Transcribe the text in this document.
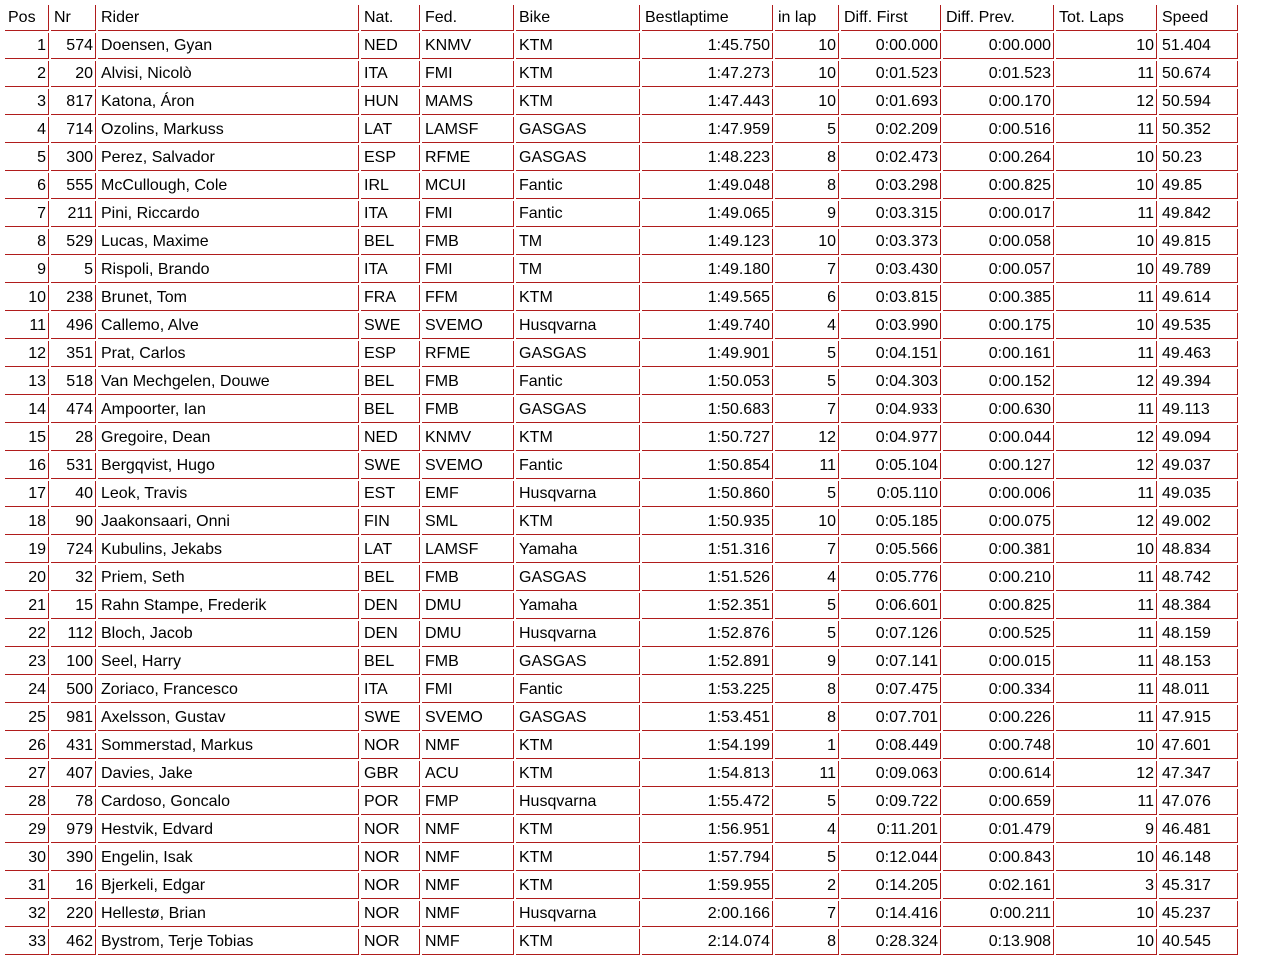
Pos	Nr	Rider	Nat.	Fed.	Bike	Bestlaptime	in lap	Diff. First	Diff. Prev.	Tot. Laps	Speed
1	574	Doensen, Gyan	NED	KNMV	KTM	1:45.750	10	0:00.000	0:00.000	10	51.404
2	20	Alvisi, Nicolò	ITA	FMI	KTM	1:47.273	10	0:01.523	0:01.523	11	50.674
3	817	Katona, Áron	HUN	MAMS	KTM	1:47.443	10	0:01.693	0:00.170	12	50.594
4	714	Ozolins, Markuss	LAT	LAMSF	GASGAS	1:47.959	5	0:02.209	0:00.516	11	50.352
5	300	Perez, Salvador	ESP	RFME	GASGAS	1:48.223	8	0:02.473	0:00.264	10	50.23
6	555	McCullough, Cole	IRL	MCUI	Fantic	1:49.048	8	0:03.298	0:00.825	10	49.85
7	211	Pini, Riccardo	ITA	FMI	Fantic	1:49.065	9	0:03.315	0:00.017	11	49.842
8	529	Lucas, Maxime	BEL	FMB	TM	1:49.123	10	0:03.373	0:00.058	10	49.815
9	5	Rispoli, Brando	ITA	FMI	TM	1:49.180	7	0:03.430	0:00.057	10	49.789
10	238	Brunet, Tom	FRA	FFM	KTM	1:49.565	6	0:03.815	0:00.385	11	49.614
11	496	Callemo, Alve	SWE	SVEMO	Husqvarna	1:49.740	4	0:03.990	0:00.175	10	49.535
12	351	Prat, Carlos	ESP	RFME	GASGAS	1:49.901	5	0:04.151	0:00.161	11	49.463
13	518	Van Mechgelen, Douwe	BEL	FMB	Fantic	1:50.053	5	0:04.303	0:00.152	12	49.394
14	474	Ampoorter, Ian	BEL	FMB	GASGAS	1:50.683	7	0:04.933	0:00.630	11	49.113
15	28	Gregoire, Dean	NED	KNMV	KTM	1:50.727	12	0:04.977	0:00.044	12	49.094
16	531	Bergqvist, Hugo	SWE	SVEMO	Fantic	1:50.854	11	0:05.104	0:00.127	12	49.037
17	40	Leok, Travis	EST	EMF	Husqvarna	1:50.860	5	0:05.110	0:00.006	11	49.035
18	90	Jaakonsaari, Onni	FIN	SML	KTM	1:50.935	10	0:05.185	0:00.075	12	49.002
19	724	Kubulins, Jekabs	LAT	LAMSF	Yamaha	1:51.316	7	0:05.566	0:00.381	10	48.834
20	32	Priem, Seth	BEL	FMB	GASGAS	1:51.526	4	0:05.776	0:00.210	11	48.742
21	15	Rahn Stampe, Frederik	DEN	DMU	Yamaha	1:52.351	5	0:06.601	0:00.825	11	48.384
22	112	Bloch, Jacob	DEN	DMU	Husqvarna	1:52.876	5	0:07.126	0:00.525	11	48.159
23	100	Seel, Harry	BEL	FMB	GASGAS	1:52.891	9	0:07.141	0:00.015	11	48.153
24	500	Zoriaco, Francesco	ITA	FMI	Fantic	1:53.225	8	0:07.475	0:00.334	11	48.011
25	981	Axelsson, Gustav	SWE	SVEMO	GASGAS	1:53.451	8	0:07.701	0:00.226	11	47.915
26	431	Sommerstad, Markus	NOR	NMF	KTM	1:54.199	1	0:08.449	0:00.748	10	47.601
27	407	Davies, Jake	GBR	ACU	KTM	1:54.813	11	0:09.063	0:00.614	12	47.347
28	78	Cardoso, Goncalo	POR	FMP	Husqvarna	1:55.472	5	0:09.722	0:00.659	11	47.076
29	979	Hestvik, Edvard	NOR	NMF	KTM	1:56.951	4	0:11.201	0:01.479	9	46.481
30	390	Engelin, Isak	NOR	NMF	KTM	1:57.794	5	0:12.044	0:00.843	10	46.148
31	16	Bjerkeli, Edgar	NOR	NMF	KTM	1:59.955	2	0:14.205	0:02.161	3	45.317
32	220	Hellestø, Brian	NOR	NMF	Husqvarna	2:00.166	7	0:14.416	0:00.211	10	45.237
33	462	Bystrom, Terje Tobias	NOR	NMF	KTM	2:14.074	8	0:28.324	0:13.908	10	40.545
